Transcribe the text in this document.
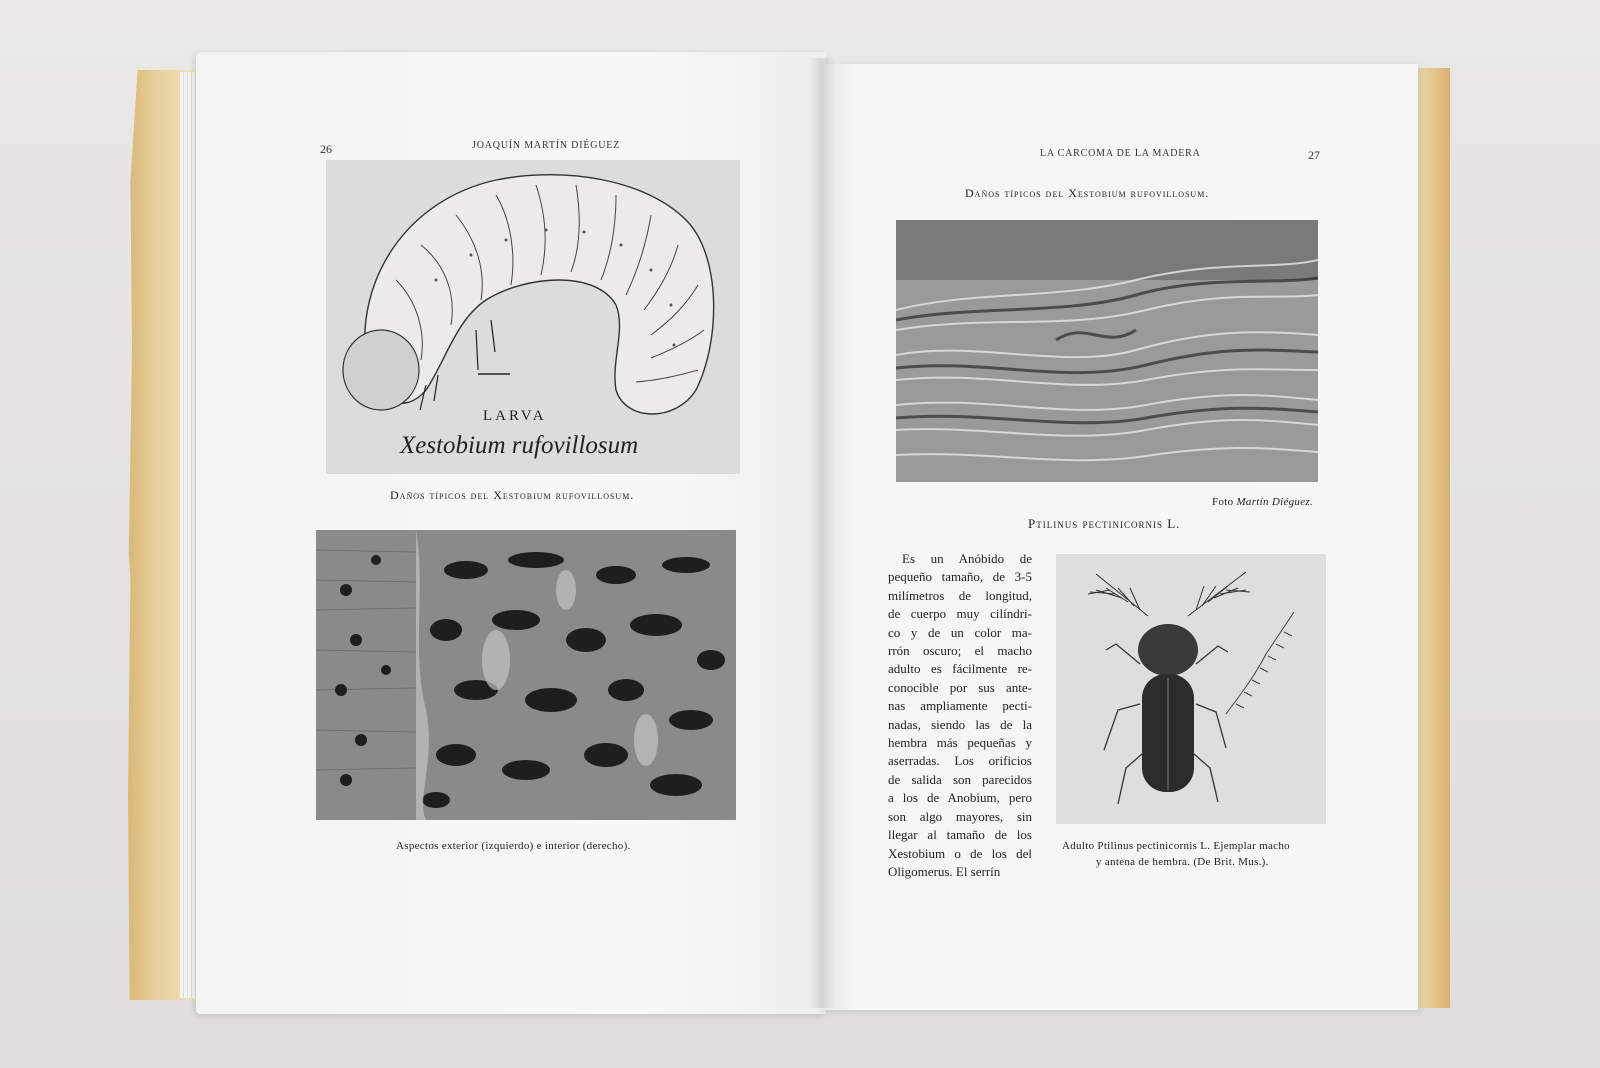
26	JOAQUÍN MARTÍN DIÉGUEZ
LARVA
Xestobium rufovillosum
Daños típicos del Xestobium rufovillosum.
Aspectos exterior (izquierdo) e interior (derecho).
LA CARCOMA DE LA MADERA	27
Daños típicos del Xestobium rufovillosum.
Foto Martín Diéguez.
Ptilinus pectinicornis L.
Es un Anóbido de
pequeño tamaño, de 3-5
milímetros de longitud,
de cuerpo muy cilíndri-
co y de un color ma-
rrón oscuro; el macho
adulto es fácilmente re-
conocible por sus ante-
nas ampliamente pecti-
nadas, siendo las de la
hembra más pequeñas y
aserradas. Los orificios
de salida son parecidos
a los de Anobium, pero
son algo mayores, sin
llegar al tamaño de los
Xestobium o de los del
Oligomerus. El serrín
Adulto Ptilinus pectinicornis L. Ejemplar macho
y antena de hembra. (De Brit. Mus.).
